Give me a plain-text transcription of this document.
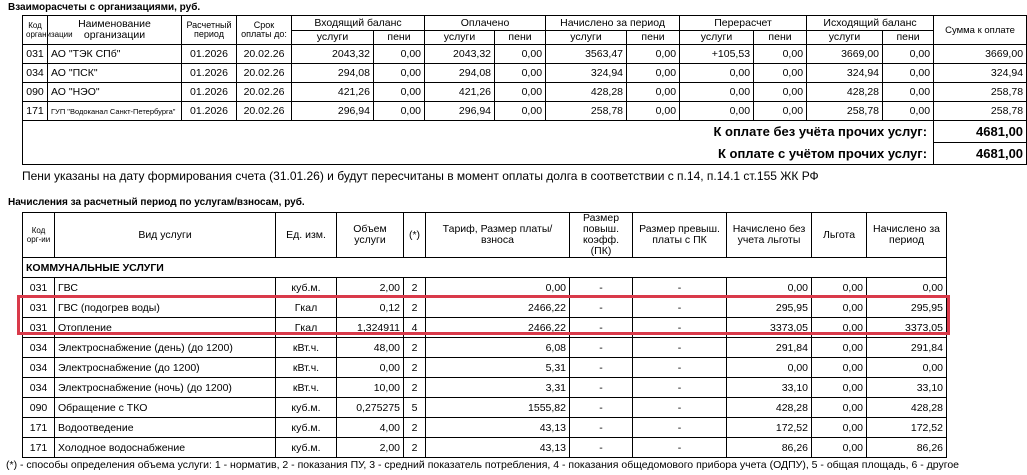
Взаиморасчеты с организациями, руб.
Код организации	Наименование организации	Расчетный период	Срок оплаты до:	Входящий баланс		Оплачено		Начислено за период		Перерасчет		Исходящий баланс		Сумма к оплате
				услуги	пени	услуги	пени	услуги	пени	услуги	пени	услуги	пени	
031	АО "ТЭК СПб"	01.2026	20.02.26	2043,32	0,00	2043,32	0,00	3563,47	0,00	+105,53	0,00	3669,00	0,00	3669,00
034	АО "ПСК"	01.2026	20.02.26	294,08	0,00	294,08	0,00	324,94	0,00	0,00	0,00	324,94	0,00	324,94
090	АО "НЭО"	01.2026	20.02.26	421,26	0,00	421,26	0,00	428,28	0,00	0,00	0,00	428,28	0,00	258,78
171	ГУП "Водоканал Санкт-Петербурга"	01.2026	20.02.26	296,94	0,00	296,94	0,00	258,78	0,00	0,00	0,00	258,78	0,00	258,78
К оплате без учёта прочих услуг:														4681,00
К оплате с учётом прочих услуг:														4681,00
Пени указаны на дату формирования счета (31.01.26) и будут пересчитаны в момент оплаты долга в соответствии с п.14, п.14.1 ст.155 ЖК РФ
Начисления за расчетный период по услугам/взносам, руб.
Код орг-ии	Вид услуги	Ед. изм.	Объем услуги	(*)	Тариф, Размер платы/взноса	Размер повыш. коэфф. (ПК)	Размер превыш. платы с ПК	Начислено без учета льготы	Льгота	Начислено за период
КОММУНАЛЬНЫЕ УСЛУГИ										
031	ГВС	куб.м.	2,00	2	0,00	-	-	0,00	0,00	0,00
031	ГВС (подогрев воды)	Гкал	0,12	2	2466,22	-	-	295,95	0,00	295,95
031	Отопление	Гкал	1,324911	4	2466,22	-	-	3373,05	0,00	3373,05
034	Электроснабжение (день) (до 1200)	кВт.ч.	48,00	2	6,08	-	-	291,84	0,00	291,84
034	Электроснабжение (до 1200)	кВт.ч.	0,00	2	5,31	-	-	0,00	0,00	0,00
034	Электроснабжение (ночь) (до 1200)	кВт.ч.	10,00	2	3,31	-	-	33,10	0,00	33,10
090	Обращение с ТКО	куб.м.	0,275275	5	1555,82	-	-	428,28	0,00	428,28
171	Водоотведение	куб.м.	4,00	2	43,13	-	-	172,52	0,00	172,52
171	Холодное водоснабжение	куб.м.	2,00	2	43,13	-	-	86,26	0,00	86,26
(*) - способы определения объема услуги: 1 - норматив, 2 - показания ПУ, 3 - средний показатель потребления, 4 - показания общедомового прибора учета (ОДПУ), 5 - общая площадь, 6 - другое
